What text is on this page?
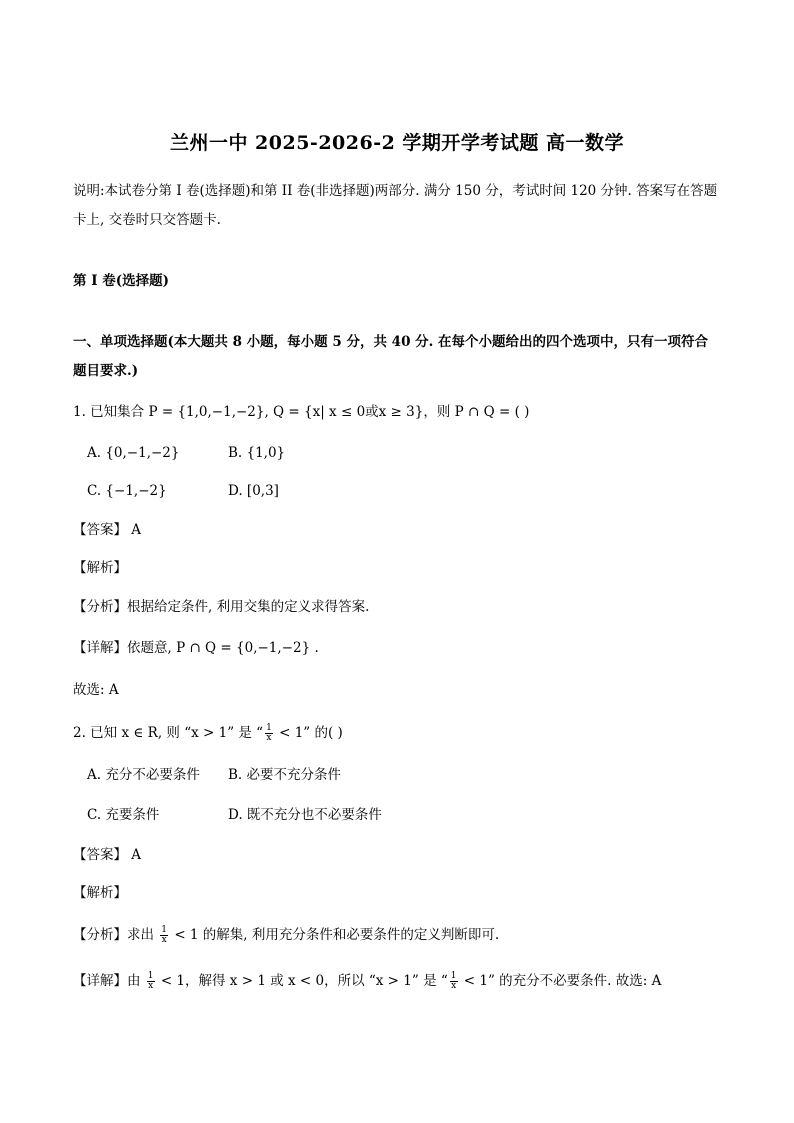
兰州一中 2025-2026-2 学期开学考试题 高一数学
说明:本试卷分第 I 卷(选择题)和第 II 卷(非选择题)两部分. 满分 150 分，考试时间 120 分钟. 答案写在答题
卡上, 交卷时只交答题卡.
第 I 卷(选择题)
一、单项选择题(本大题共 8 小题，每小题 5 分，共 40 分. 在每个小题给出的四个选项中，只有一项符合
题目要求.)
1. 已知集合 P = {1,0,−1,−2}, Q = {x| x ≤ 0或x ≥ 3}，则 P ∩ Q = ( )
A. {0,−1,−2}	B. {1,0}
C. {−1,−2}	D. [0,3]
【答案】 A
【解析】
【分析】根据给定条件, 利用交集的定义求得答案.
【详解】依题意, P ∩ Q = {0,−1,−2} .
故选: A
2. 已知 x ∈ R, 则 “x > 1” 是 “ $\frac{1}{x} < 1$” 的( )
A. 充分不必要条件 B. 必要不充分条件
C. 充要条件	D. 既不充分也不必要条件
【答案】 A
【解析】
【分析】求出 $\frac{1}{x} < 1$ 的解集, 利用充分条件和必要条件的定义判断即可.
【详解】由 $\frac{1}{x} < 1$，解得 x > 1 或 x < 0，所以 “x > 1” 是 “ $\frac{1}{x} < 1$” 的充分不必要条件. 故选: A
